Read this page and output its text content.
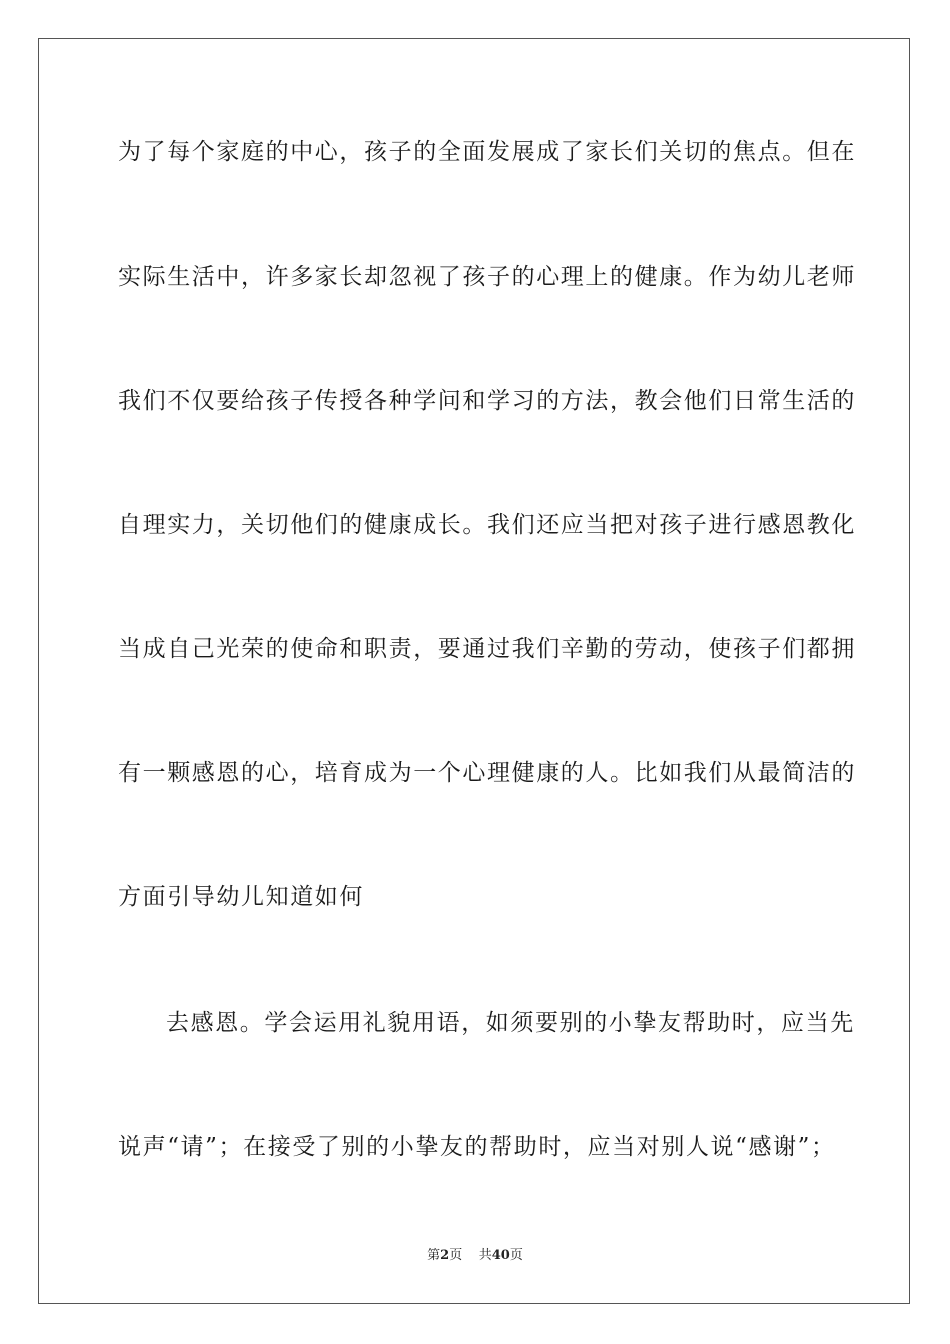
为了每个家庭的中心，孩子的全面发展成了家长们关切的焦点。但在
实际生活中，许多家长却忽视了孩子的心理上的健康。作为幼儿老师
我们不仅要给孩子传授各种学问和学习的方法，教会他们日常生活的
自理实力，关切他们的健康成长。我们还应当把对孩子进行感恩教化
当成自己光荣的使命和职责，要通过我们辛勤的劳动，使孩子们都拥
有一颗感恩的心，培育成为一个心理健康的人。比如我们从最简洁的
方面引导幼儿知道如何
去感恩。学会运用礼貌用语，如须要别的小挚友帮助时，应当先
说声“请”；在接受了别的小挚友的帮助时，应当对别人说“感谢”；
第2页 共40页
